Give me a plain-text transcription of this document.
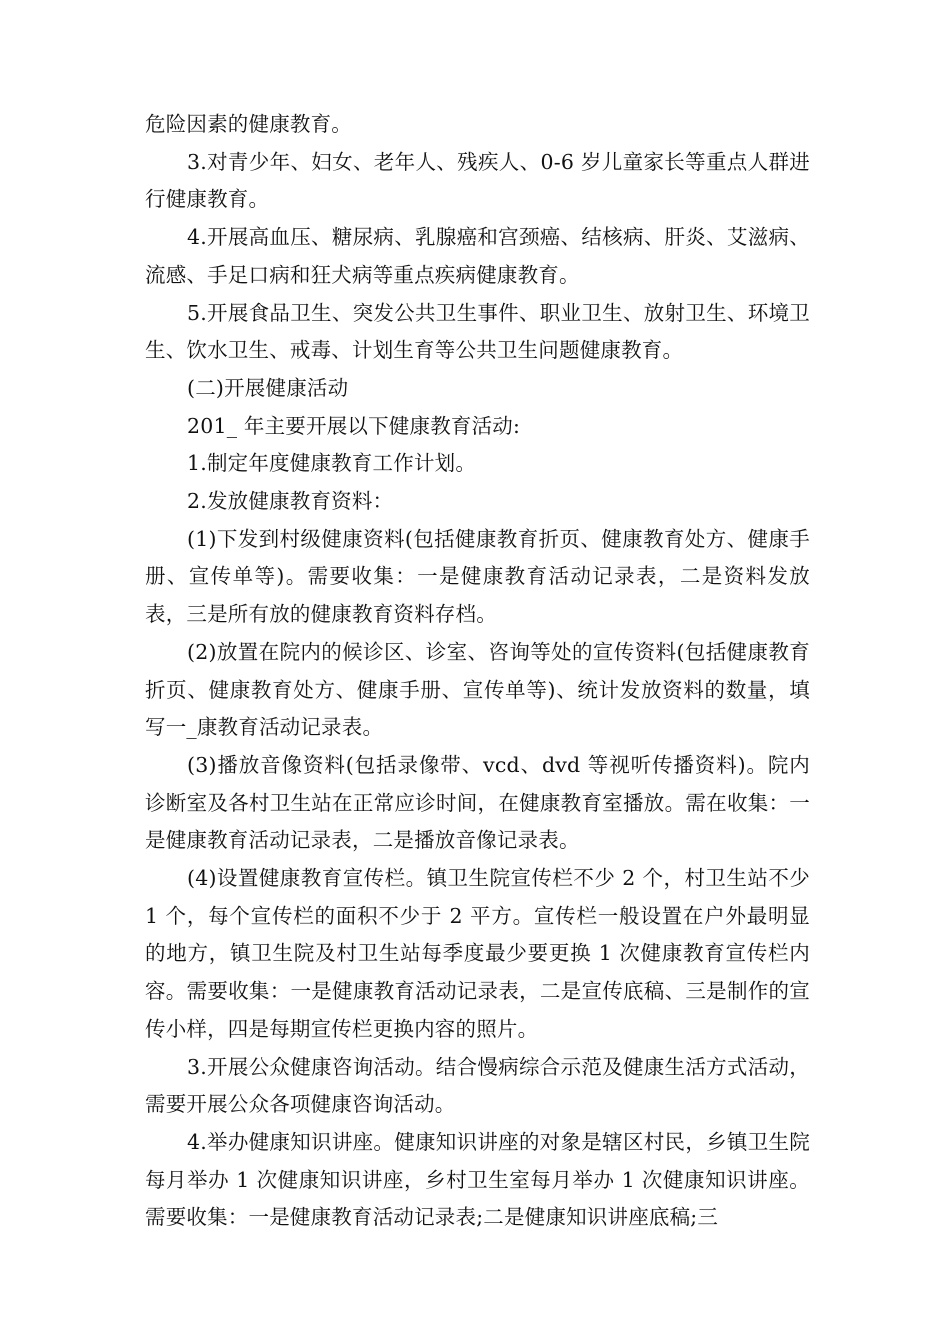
危险因素的健康教育。

3.对青少年、妇女、老年人、残疾人、0-6 岁儿童家长等重点人群进行健康教育。

4.开展高血压、糖尿病、乳腺癌和宫颈癌、结核病、肝炎、艾滋病、流感、手足口病和狂犬病等重点疾病健康教育。

5.开展食品卫生、突发公共卫生事件、职业卫生、放射卫生、环境卫生、饮水卫生、戒毒、计划生育等公共卫生问题健康教育。

(二)开展健康活动

201_ 年主要开展以下健康教育活动:

1.制定年度健康教育工作计划。

2.发放健康教育资料：

(1)下发到村级健康资料(包括健康教育折页、健康教育处方、健康手册、宣传单等)。需要收集：一是健康教育活动记录表，二是资料发放表，三是所有放的健康教育资料存档。

(2)放置在院内的候诊区、诊室、咨询等处的宣传资料(包括健康教育折页、健康教育处方、健康手册、宣传单等)、统计发放资料的数量，填写一_康教育活动记录表。

(3)播放音像资料(包括录像带、vcd、dvd 等视听传播资料)。院内诊断室及各村卫生站在正常应诊时间，在健康教育室播放。需在收集：一是健康教育活动记录表，二是播放音像记录表。

(4)设置健康教育宣传栏。镇卫生院宣传栏不少 2 个，村卫生站不少 1 个，每个宣传栏的面积不少于 2 平方。宣传栏一般设置在户外最明显的地方，镇卫生院及村卫生站每季度最少要更换 1 次健康教育宣传栏内容。需要收集：一是健康教育活动记录表，二是宣传底稿、三是制作的宣传小样，四是每期宣传栏更换内容的照片。

3.开展公众健康咨询活动。结合慢病综合示范及健康生活方式活动，需要开展公众各项健康咨询活动。

4.举办健康知识讲座。健康知识讲座的对象是辖区村民，乡镇卫生院每月举办 1 次健康知识讲座，乡村卫生室每月举办 1 次健康知识讲座。需要收集：一是健康教育活动记录表;二是健康知识讲座底稿;三
